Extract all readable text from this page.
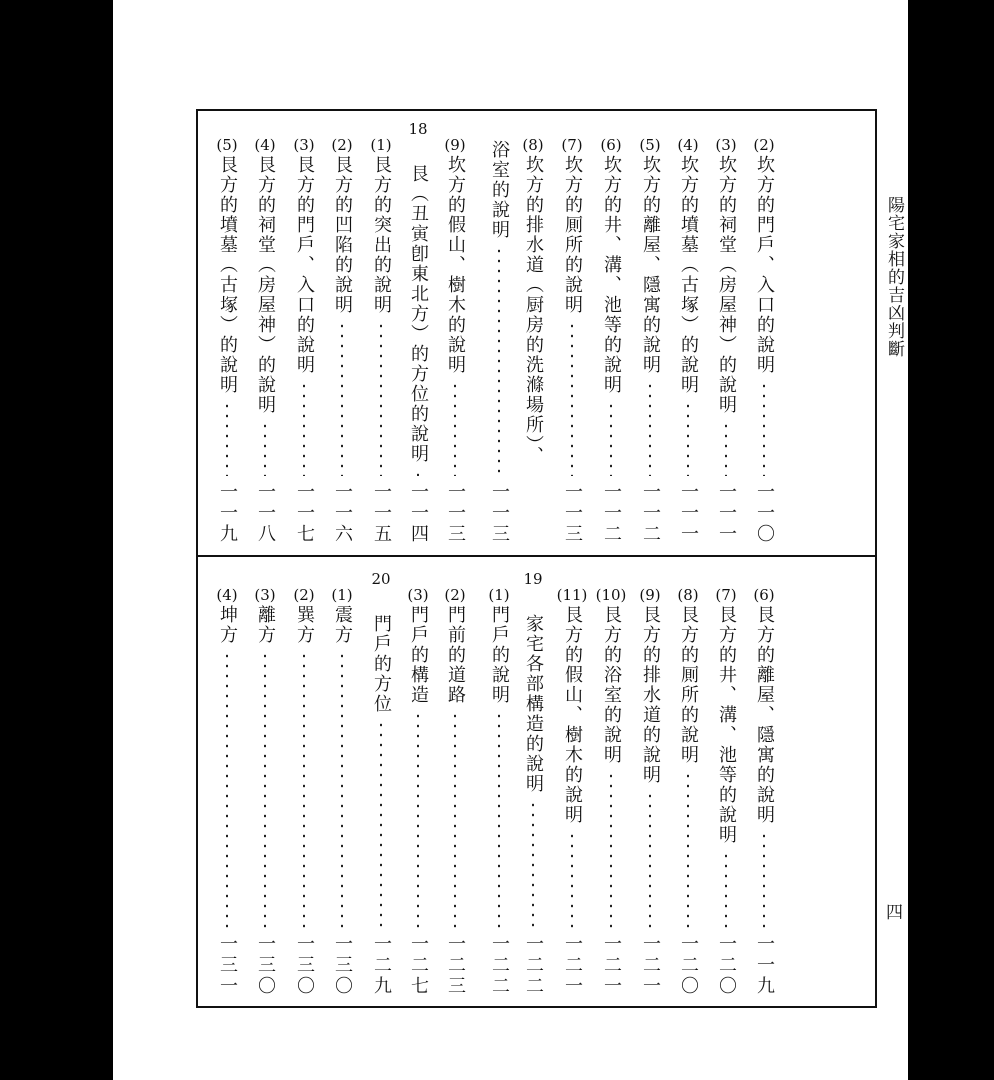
陽宅家相的吉凶判斷
四
(2)
坎方的門戶、入口的說明
一一〇
(3)
坎方的祠堂（房屋神）的說明
一一一
(4)
坎方的墳墓（古塚）的說明
一一一
(5)
坎方的離屋、隱寓的說明
一一二
(6)
坎方的井、溝、池等的說明
一一二
(7)
坎方的厠所的說明
一一三
(8)
坎方的排水道（厨房的洗滌場所）、
浴室的說明
一一三
(9)
坎方的假山、樹木的說明
一一三
18
艮（丑寅卽東北方）的方位的說明
一一四
(1)
艮方的突出的說明
一一五
(2)
艮方的凹陷的說明
一一六
(3)
艮方的門戶、入口的說明
一一七
(4)
艮方的祠堂（房屋神）的說明
一一八
(5)
艮方的墳墓（古塚）的說明
一一九
(6)
艮方的離屋、隱寓的說明
一一九
(7)
艮方的井、溝、池等的說明
一二〇
(8)
艮方的厠所的說明
一二〇
(9)
艮方的排水道的說明
一二一
(10)
艮方的浴室的說明
一二一
(11)
艮方的假山、樹木的說明
一二一
19
家宅各部構造的說明
一二二
(1)
門戶的說明
一二二
(2)
門前的道路
一二三
(3)
門戶的構造
一二七
20
門戶的方位
一二九
(1)
震方
一三〇
(2)
巽方
一三〇
(3)
離方
一三〇
(4)
坤方
一三一
